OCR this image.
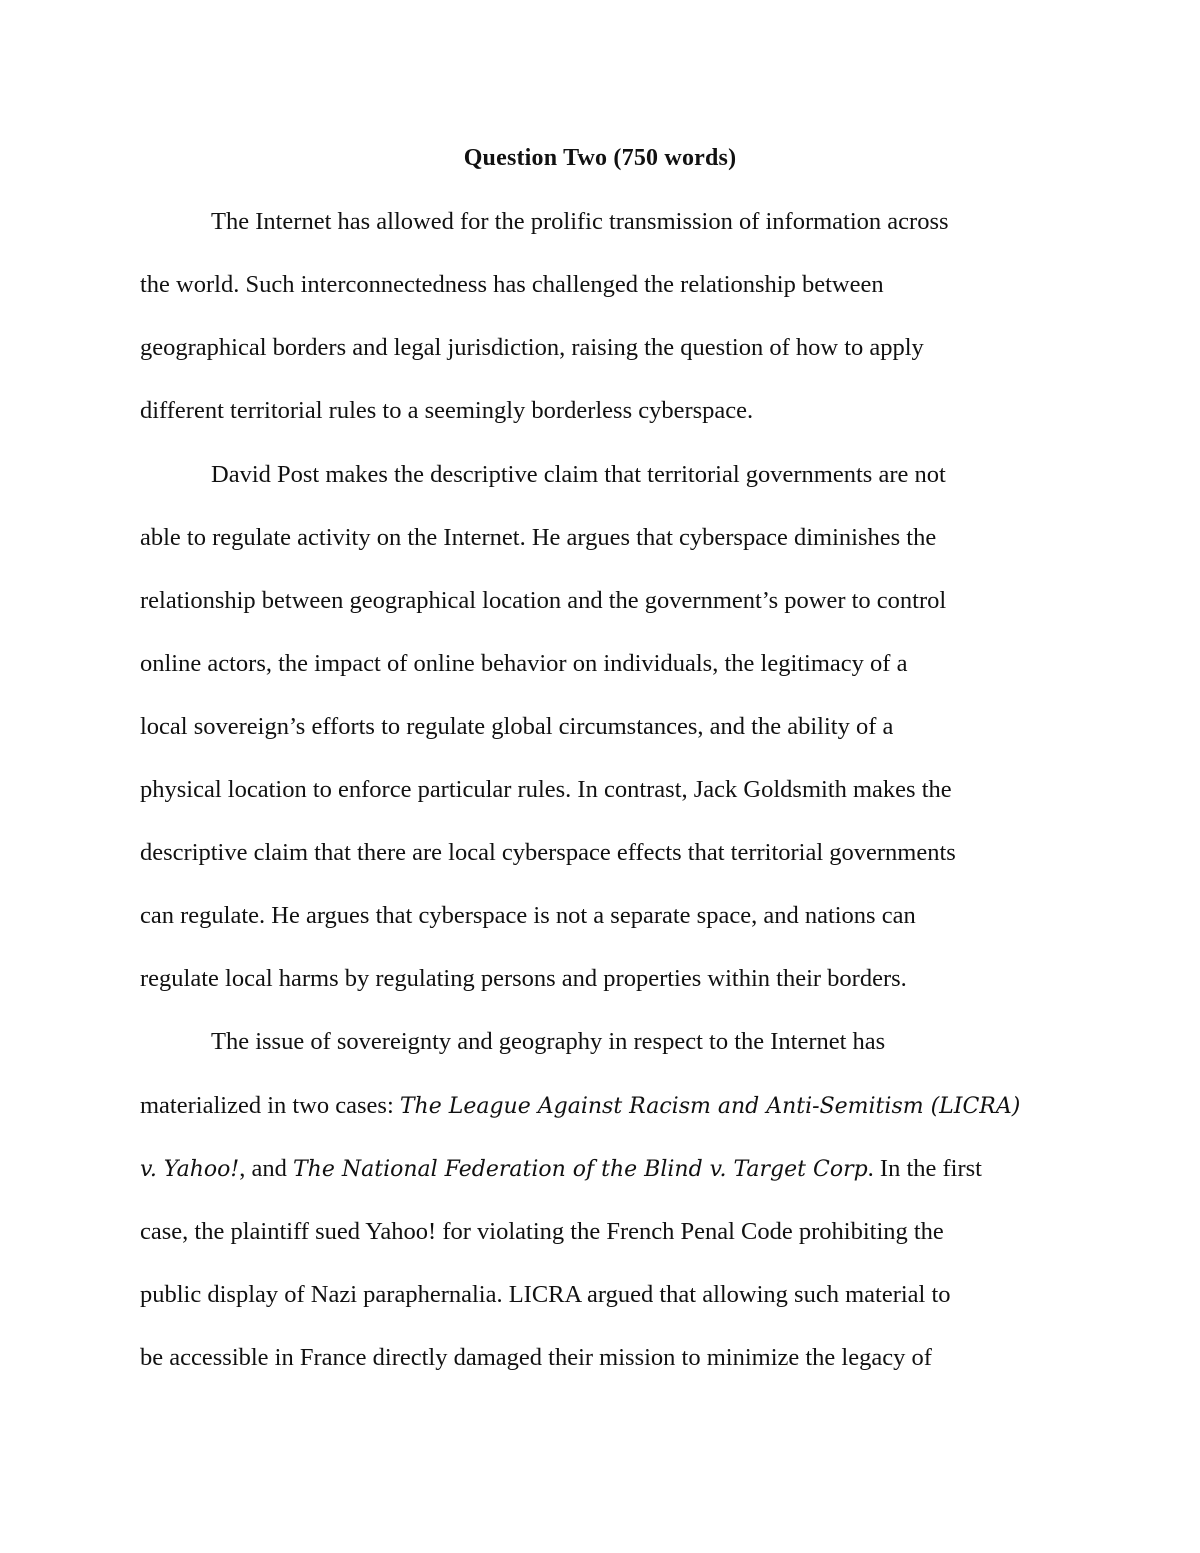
Question Two (750 words)

The Internet has allowed for the prolific transmission of information across

the world. Such interconnectedness has challenged the relationship between

geographical borders and legal jurisdiction, raising the question of how to apply

different territorial rules to a seemingly borderless cyberspace.

David Post makes the descriptive claim that territorial governments are not

able to regulate activity on the Internet. He argues that cyberspace diminishes the

relationship between geographical location and the government’s power to control

online actors, the impact of online behavior on individuals, the legitimacy of a

local sovereign’s efforts to regulate global circumstances, and the ability of a

physical location to enforce particular rules. In contrast, Jack Goldsmith makes the

descriptive claim that there are local cyberspace effects that territorial governments

can regulate. He argues that cyberspace is not a separate space, and nations can

regulate local harms by regulating persons and properties within their borders.

The issue of sovereignty and geography in respect to the Internet has

materialized in two cases: The League Against Racism and Anti-Semitism (LICRA)

v. Yahoo!, and The National Federation of the Blind v. Target Corp. In the first

case, the plaintiff sued Yahoo! for violating the French Penal Code prohibiting the

public display of Nazi paraphernalia. LICRA argued that allowing such material to

be accessible in France directly damaged their mission to minimize the legacy of
